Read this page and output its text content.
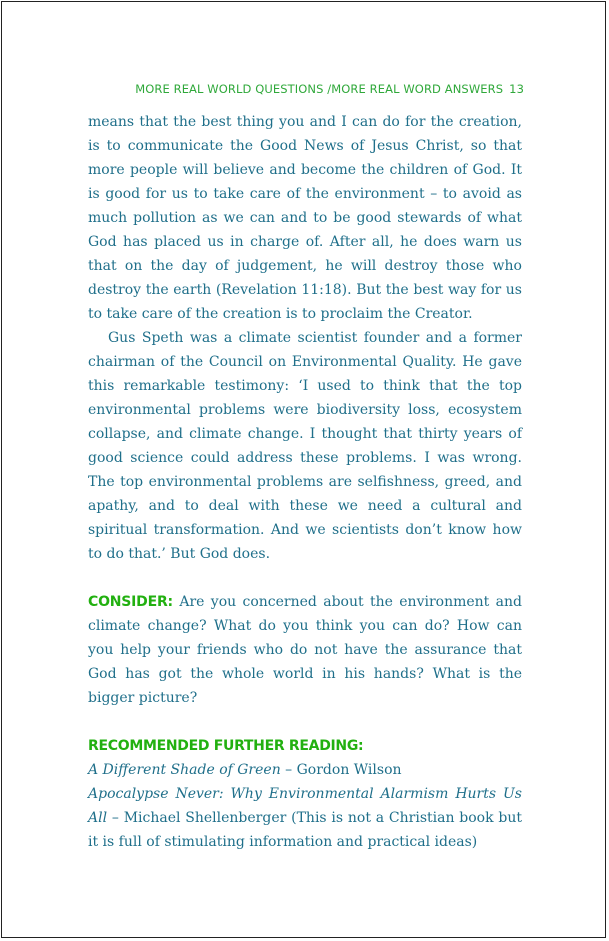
MORE REAL WORLD QUESTIONS /MORE REAL WORD ANSWERS 13

means that the best thing you and I can do for the creation, is to communicate the Good News of Jesus Christ, so that more people will believe and become the children of God. It is good for us to take care of the environment – to avoid as much pollution as we can and to be good stewards of what God has placed us in charge of. After all, he does warn us that on the day of judgement, he will destroy those who destroy the earth (Revelation 11:18). But the best way for us to take care of the creation is to proclaim the Creator.

Gus Speth was a climate scientist founder and a former chairman of the Council on Environmental Quality. He gave this remarkable testimony: ‘I used to think that the top environmental problems were biodiversity loss, ecosystem collapse, and climate change. I thought that thirty years of good science could address these problems. I was wrong. The top environmental problems are selfishness, greed, and apathy, and to deal with these we need a cultural and spiritual transformation. And we scientists don’t know how to do that.’ But God does.

CONSIDER: Are you concerned about the environment and climate change? What do you think you can do? How can you help your friends who do not have the assurance that God has got the whole world in his hands? What is the bigger picture?

RECOMMENDED FURTHER READING:

A Different Shade of Green – Gordon Wilson

Apocalypse Never: Why Environmental Alarmism Hurts Us All – Michael Shellenberger (This is not a Christian book but it is full of stimulating information and practical ideas)
